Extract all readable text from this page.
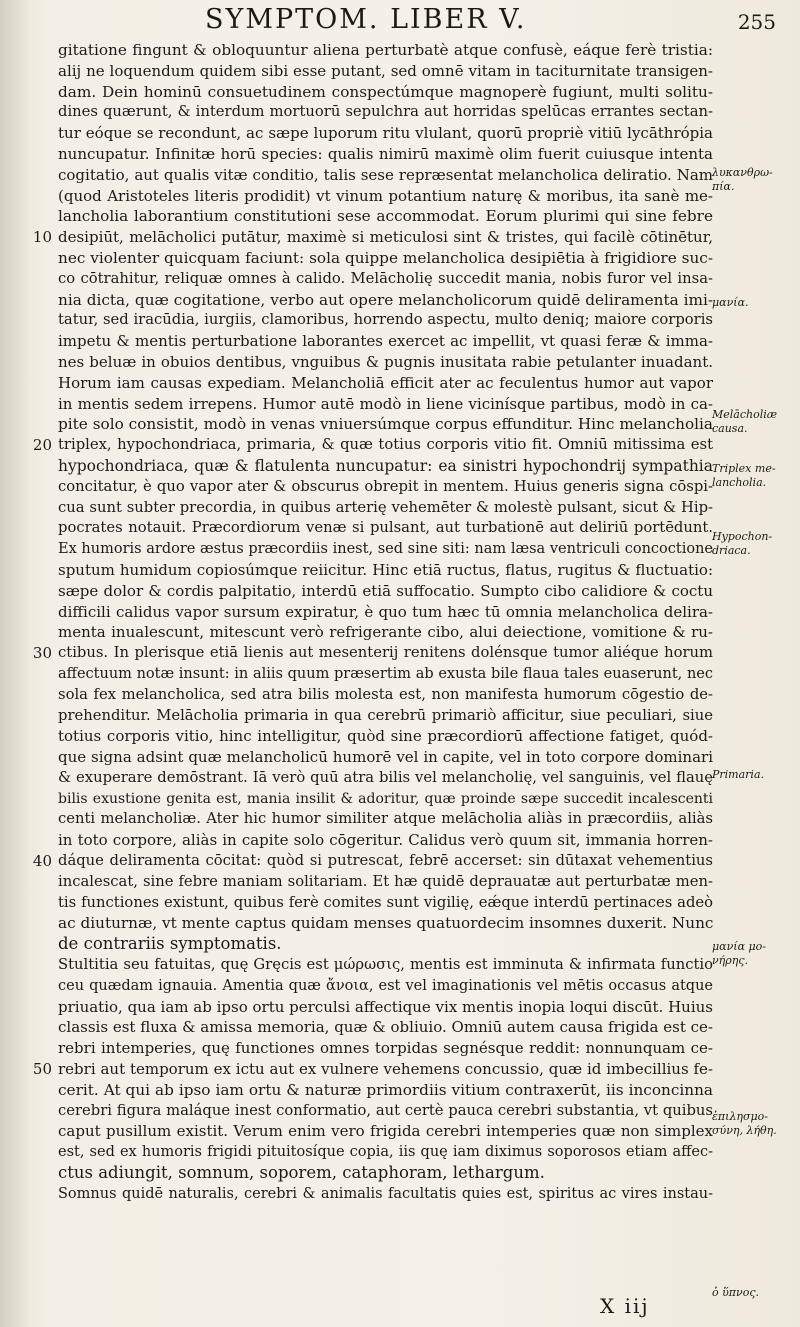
SYMPTOM. LIBER V.	255
gitatione fingunt & obloquuntur aliena perturbatè atque confusè, eáque ferè tristia:
alij ne loquendum quidem sibi esse putant, sed omnē vitam in taciturnitate transigen-
dam. Dein hominū consuetudinem conspectúmque magnoperè fugiunt, multi solitu-
dines quærunt, & interdum mortuorū sepulchra aut horridas spelūcas errantes sectan-
tur eóque se recondunt, ac sæpe luporum ritu vlulant, quorū propriè vitiū lycāthrópia
nuncupatur. Infinitæ horū species: qualis nimirū maximè olim fuerit cuiusque intenta
cogitatio, aut qualis vitæ conditio, talis sese repræsentat melancholica deliratio. Nam
(quod Aristoteles literis prodidit) vt vinum potantium naturę & moribus, ita sanè me-
lancholia laborantium constitutioni sese accommodat. Eorum plurimi qui sine febre
10 desipiūt, melācholici putātur, maximè si meticulosi sint & tristes, qui facilè cōtinētur,
nec violenter quicquam faciunt: sola quippe melancholica desipiētia à frigidiore suc-
co cōtrahitur, reliquæ omnes à calido. Melācholię succedit mania, nobis furor vel insa-
nia dicta, quæ cogitatione, verbo aut opere melancholicorum quidē deliramenta imi-
tatur, sed iracūdia, iurgiis, clamoribus, horrendo aspectu, multo deniq; maiore corporis
impetu & mentis perturbatione laborantes exercet ac impellit, vt quasi feræ & imma-
nes beluæ in obuios dentibus, vnguibus & pugnis inusitata rabie petulanter inuadant.
Horum iam causas expediam. Melancholiā efficit ater ac feculentus humor aut vapor
in mentis sedem irrepens. Humor autē modò in liene vicinísque partibus, modò in ca-
pite solo consistit, modò in venas vniuersúmque corpus effunditur. Hinc melancholia
20 triplex, hypochondriaca, primaria, & quæ totius corporis vitio fit. Omniū mitissima est
hypochondriaca, quæ & flatulenta nuncupatur: ea sinistri hypochondrij sympathia
concitatur, è quo vapor ater & obscurus obrepit in mentem. Huius generis signa cōspi-
cua sunt subter precordia, in quibus arterię vehemēter & molestè pulsant, sicut & Hip-
pocrates notauit. Præcordiorum venæ si pulsant, aut turbationē aut deliriū portēdunt.
Ex humoris ardore æstus præcordiis inest, sed sine siti: nam læsa ventriculi concoctione
sputum humidum copiosúmque reiicitur. Hinc etiā ructus, flatus, rugitus & fluctuatio:
sæpe dolor & cordis palpitatio, interdū etiā suffocatio. Sumpto cibo calidiore & coctu
difficili calidus vapor sursum expiratur, è quo tum hæc tū omnia melancholica delira-
menta inualescunt, mitescunt verò refrigerante cibo, alui deiectione, vomitione & ru-
30 ctibus. In plerisque etiā lienis aut mesenterij renitens dolénsque tumor aliéque horum
affectuum notæ insunt: in aliis quum præsertim ab exusta bile flaua tales euaserunt, nec
sola fex melancholica, sed atra bilis molesta est, non manifesta humorum cōgestio de-
prehenditur. Melācholia primaria in qua cerebrū primariò afficitur, siue peculiari, siue
totius corporis vitio, hinc intelligitur, quòd sine præcordiorū affectione fatiget, quód-
que signa adsint quæ melancholicū humorē vel in capite, vel in toto corpore dominari
& exuperare demōstrant. Iā verò quū atra bilis vel melancholię, vel sanguinis, vel flauę
bilis exustione genita est, mania insilit & adoritur, quæ proinde sæpe succedit incalescenti
centi melancholiæ. Ater hic humor similiter atque melācholia aliàs in præcordiis, aliàs
in toto corpore, aliàs in capite solo cōgeritur. Calidus verò quum sit, immania horren-
40 dáque deliramenta cōcitat: quòd si putrescat, febrē accerset: sin dūtaxat vehementius
incalescat, sine febre maniam solitariam. Et hæ quidē deprauatæ aut perturbatæ men-
tis functiones existunt, quibus ferè comites sunt vigilię, eǽque interdū pertinaces adeò
ac diuturnæ, vt mente captus quidam menses quatuordecim insomnes duxerit. Nunc
de contrariis symptomatis.
Stultitia seu fatuitas, quę Gręcis est μώρωσις, mentis est imminuta & infirmata functio
ceu quædam ignauia. Amentia quæ ἄνοια, est vel imaginationis vel mētis occasus atque
priuatio, qua iam ab ipso ortu perculsi affectique vix mentis inopia loqui discūt. Huius
classis est fluxa & amissa memoria, quæ & obliuio. Omniū autem causa frigida est ce-
rebri intemperies, quę functiones omnes torpidas segnésque reddit: nonnunquam ce-
50 rebri aut temporum ex ictu aut ex vulnere vehemens concussio, quæ id imbecillius fe-
cerit. At qui ab ipso iam ortu & naturæ primordiis vitium contraxerūt, iis inconcinna
cerebri figura maláque inest conformatio, aut certè pauca cerebri substantia, vt quibus
caput pusillum existit. Verum enim vero frigida cerebri intemperies quæ non simplex
est, sed ex humoris frigidi pituitosíque copia, iis quę iam diximus soporosos etiam affec-
ctus adiungit, somnum, soporem, cataphoram, lethargum.
Somnus quidē naturalis, cerebri & animalis facultatis quies est, spiritus ac vires instau-
λυκανθρω-
πία.
μανία.
Melācholiæ
causa.
Triplex me-
lancholia.
Hypochon-
driaca.
Primaria.
μανία μο-
νήρης.
ἐπιλησμο-
σύνη, λήθη.
ὁ ὕπνος.
X iij
